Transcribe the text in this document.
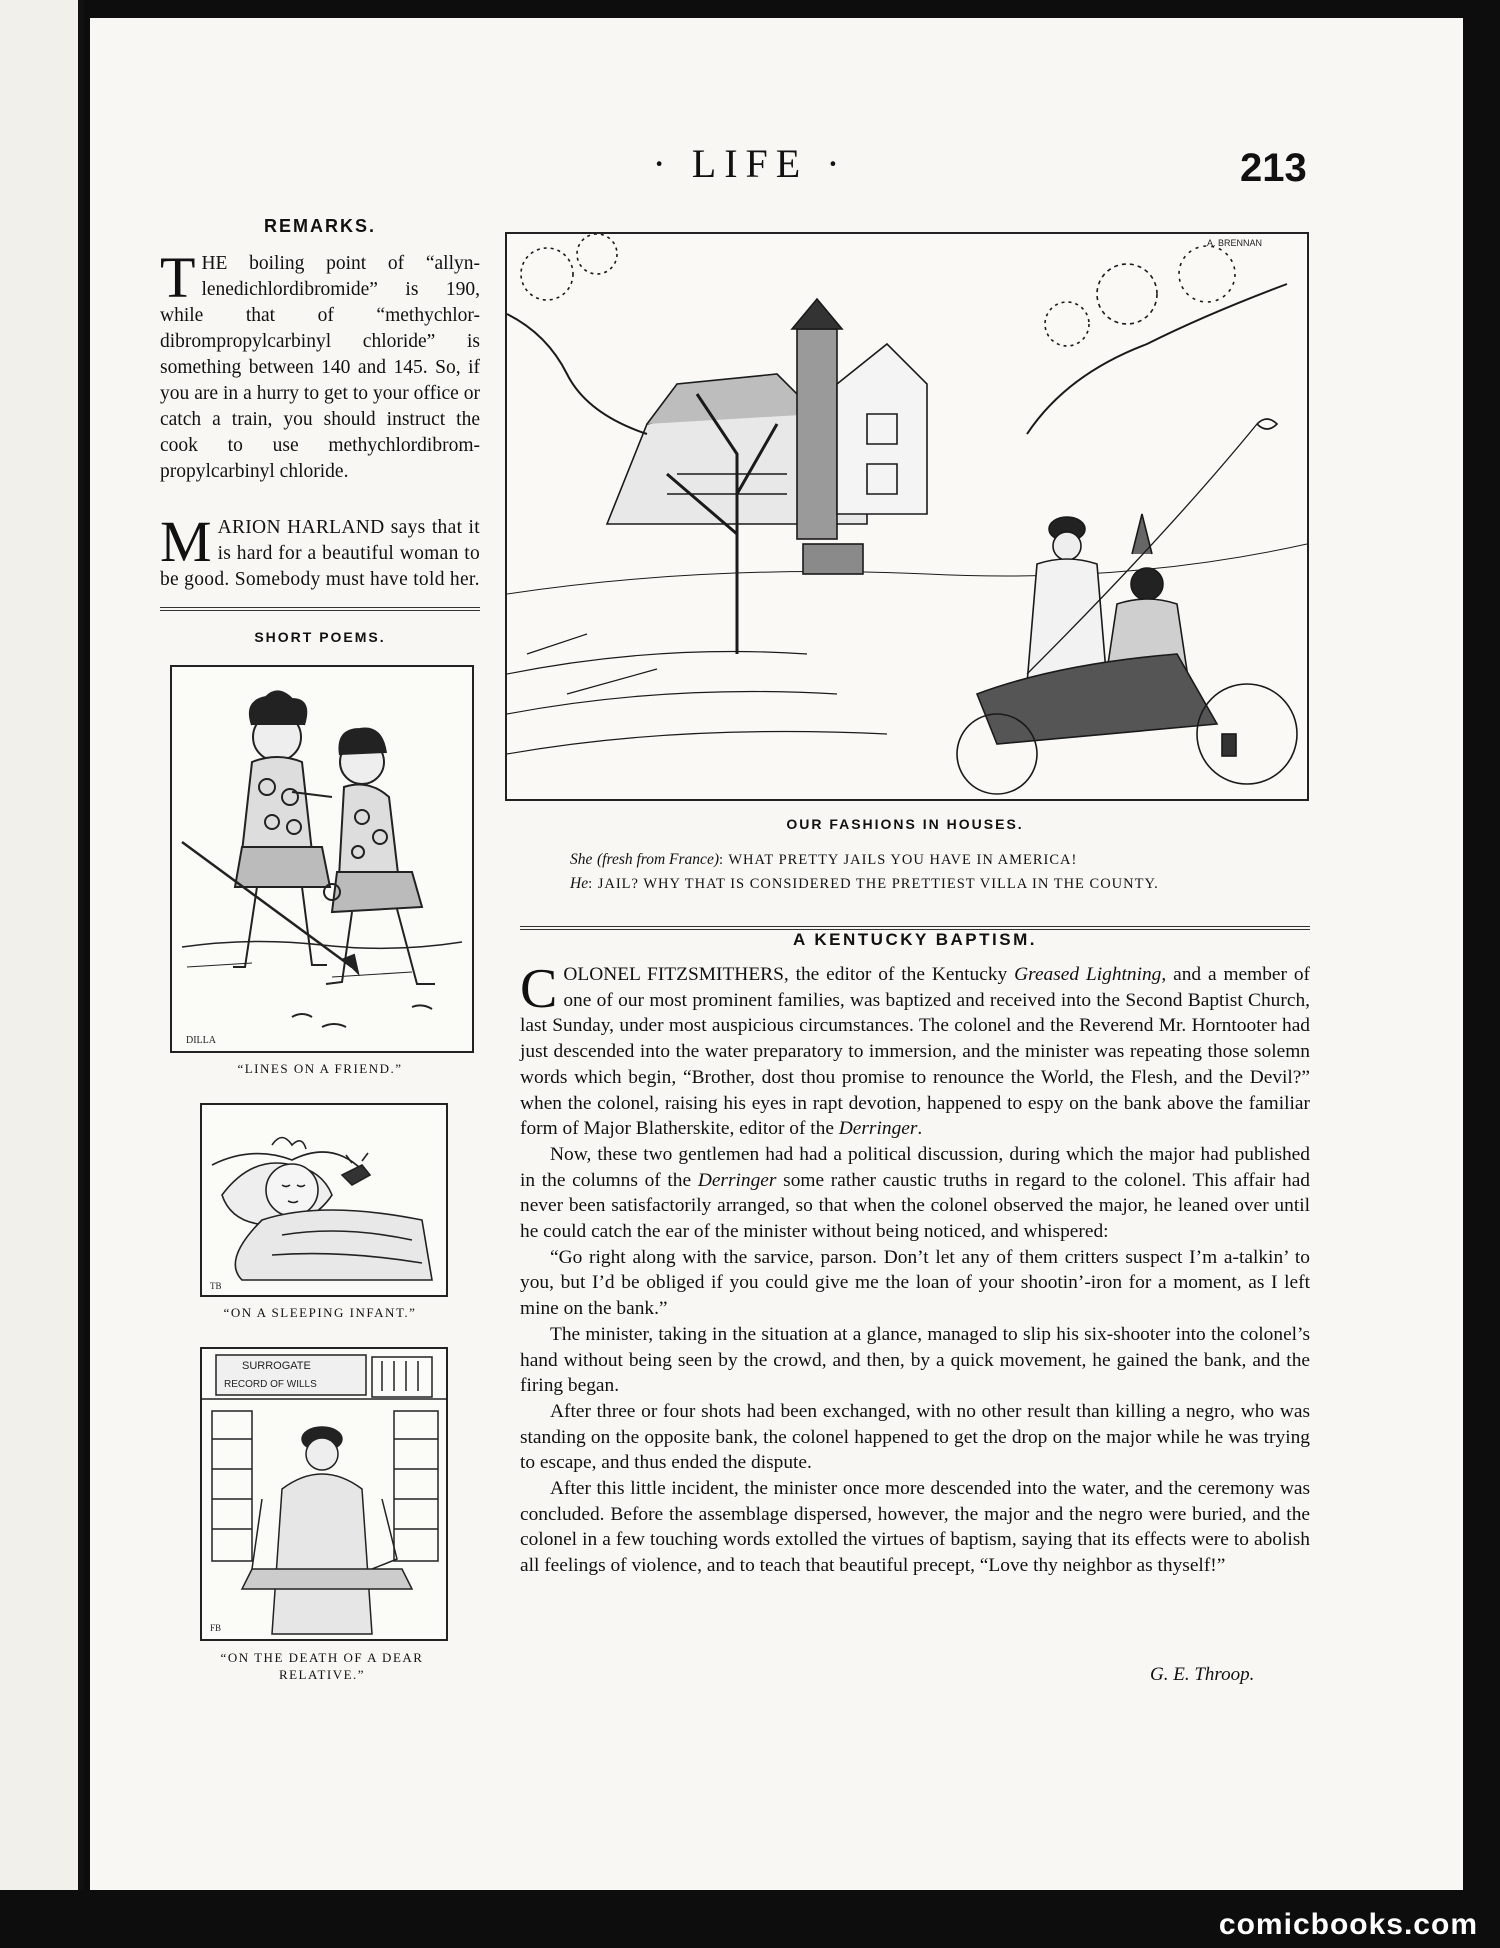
· LIFE ·	213
REMARKS.

THE boiling point of “allyn-lenedichlordibromide” is 190, while that of “methychlor-dibrompropylcarbinyl chloride” is something between 140 and 145. So, if you are in a hurry to get to your office or catch a train, you should instruct the cook to use methychlordibrom-propylcarbinyl chloride.

MARION HARLAND says that it is hard for a beautiful woman to be good. Somebody must have told her.

SHORT POEMS.
DILLA
“LINES ON A FRIEND.”
TB
“ON A SLEEPING INFANT.”
SURROGATE
RECORD OF WILLS
FB
“ON THE DEATH OF A DEAR RELATIVE.”
A. BRENNAN
OUR FASHIONS IN HOUSES.
She (fresh from France): WHAT PRETTY JAILS YOU HAVE IN AMERICA!
He: JAIL? WHY THAT IS CONSIDERED THE PRETTIEST VILLA IN THE COUNTY.
A KENTUCKY BAPTISM.

COLONEL FITZSMITHERS, the editor of the Kentucky Greased Lightning, and a member of one of our most prominent families, was baptized and received into the Second Baptist Church, last Sunday, under most auspicious circumstances. The colonel and the Reverend Mr. Horntooter had just descended into the water preparatory to immersion, and the minister was repeating those solemn words which begin, “Brother, dost thou promise to renounce the World, the Flesh, and the Devil?” when the colonel, raising his eyes in rapt devotion, happened to espy on the bank above the familiar form of Major Blatherskite, editor of the Derringer.

Now, these two gentlemen had had a political discussion, during which the major had published in the columns of the Derringer some rather caustic truths in regard to the colonel. This affair had never been satisfactorily arranged, so that when the colonel observed the major, he leaned over until he could catch the ear of the minister without being noticed, and whispered:

“Go right along with the sarvice, parson. Don’t let any of them critters suspect I’m a-talkin’ to you, but I’d be obliged if you could give me the loan of your shootin’-iron for a moment, as I left mine on the bank.”

The minister, taking in the situation at a glance, managed to slip his six-shooter into the colonel’s hand without being seen by the crowd, and then, by a quick movement, he gained the bank, and the firing began.

After three or four shots had been exchanged, with no other result than killing a negro, who was standing on the opposite bank, the colonel happened to get the drop on the major while he was trying to escape, and thus ended the dispute.

After this little incident, the minister once more descended into the water, and the ceremony was concluded. Before the assemblage dispersed, however, the major and the negro were buried, and the colonel in a few touching words extolled the virtues of baptism, saying that its effects were to abolish all feelings of violence, and to teach that beautiful precept, “Love thy neighbor as thyself!”

G. E. Throop.
comicbooks.com
